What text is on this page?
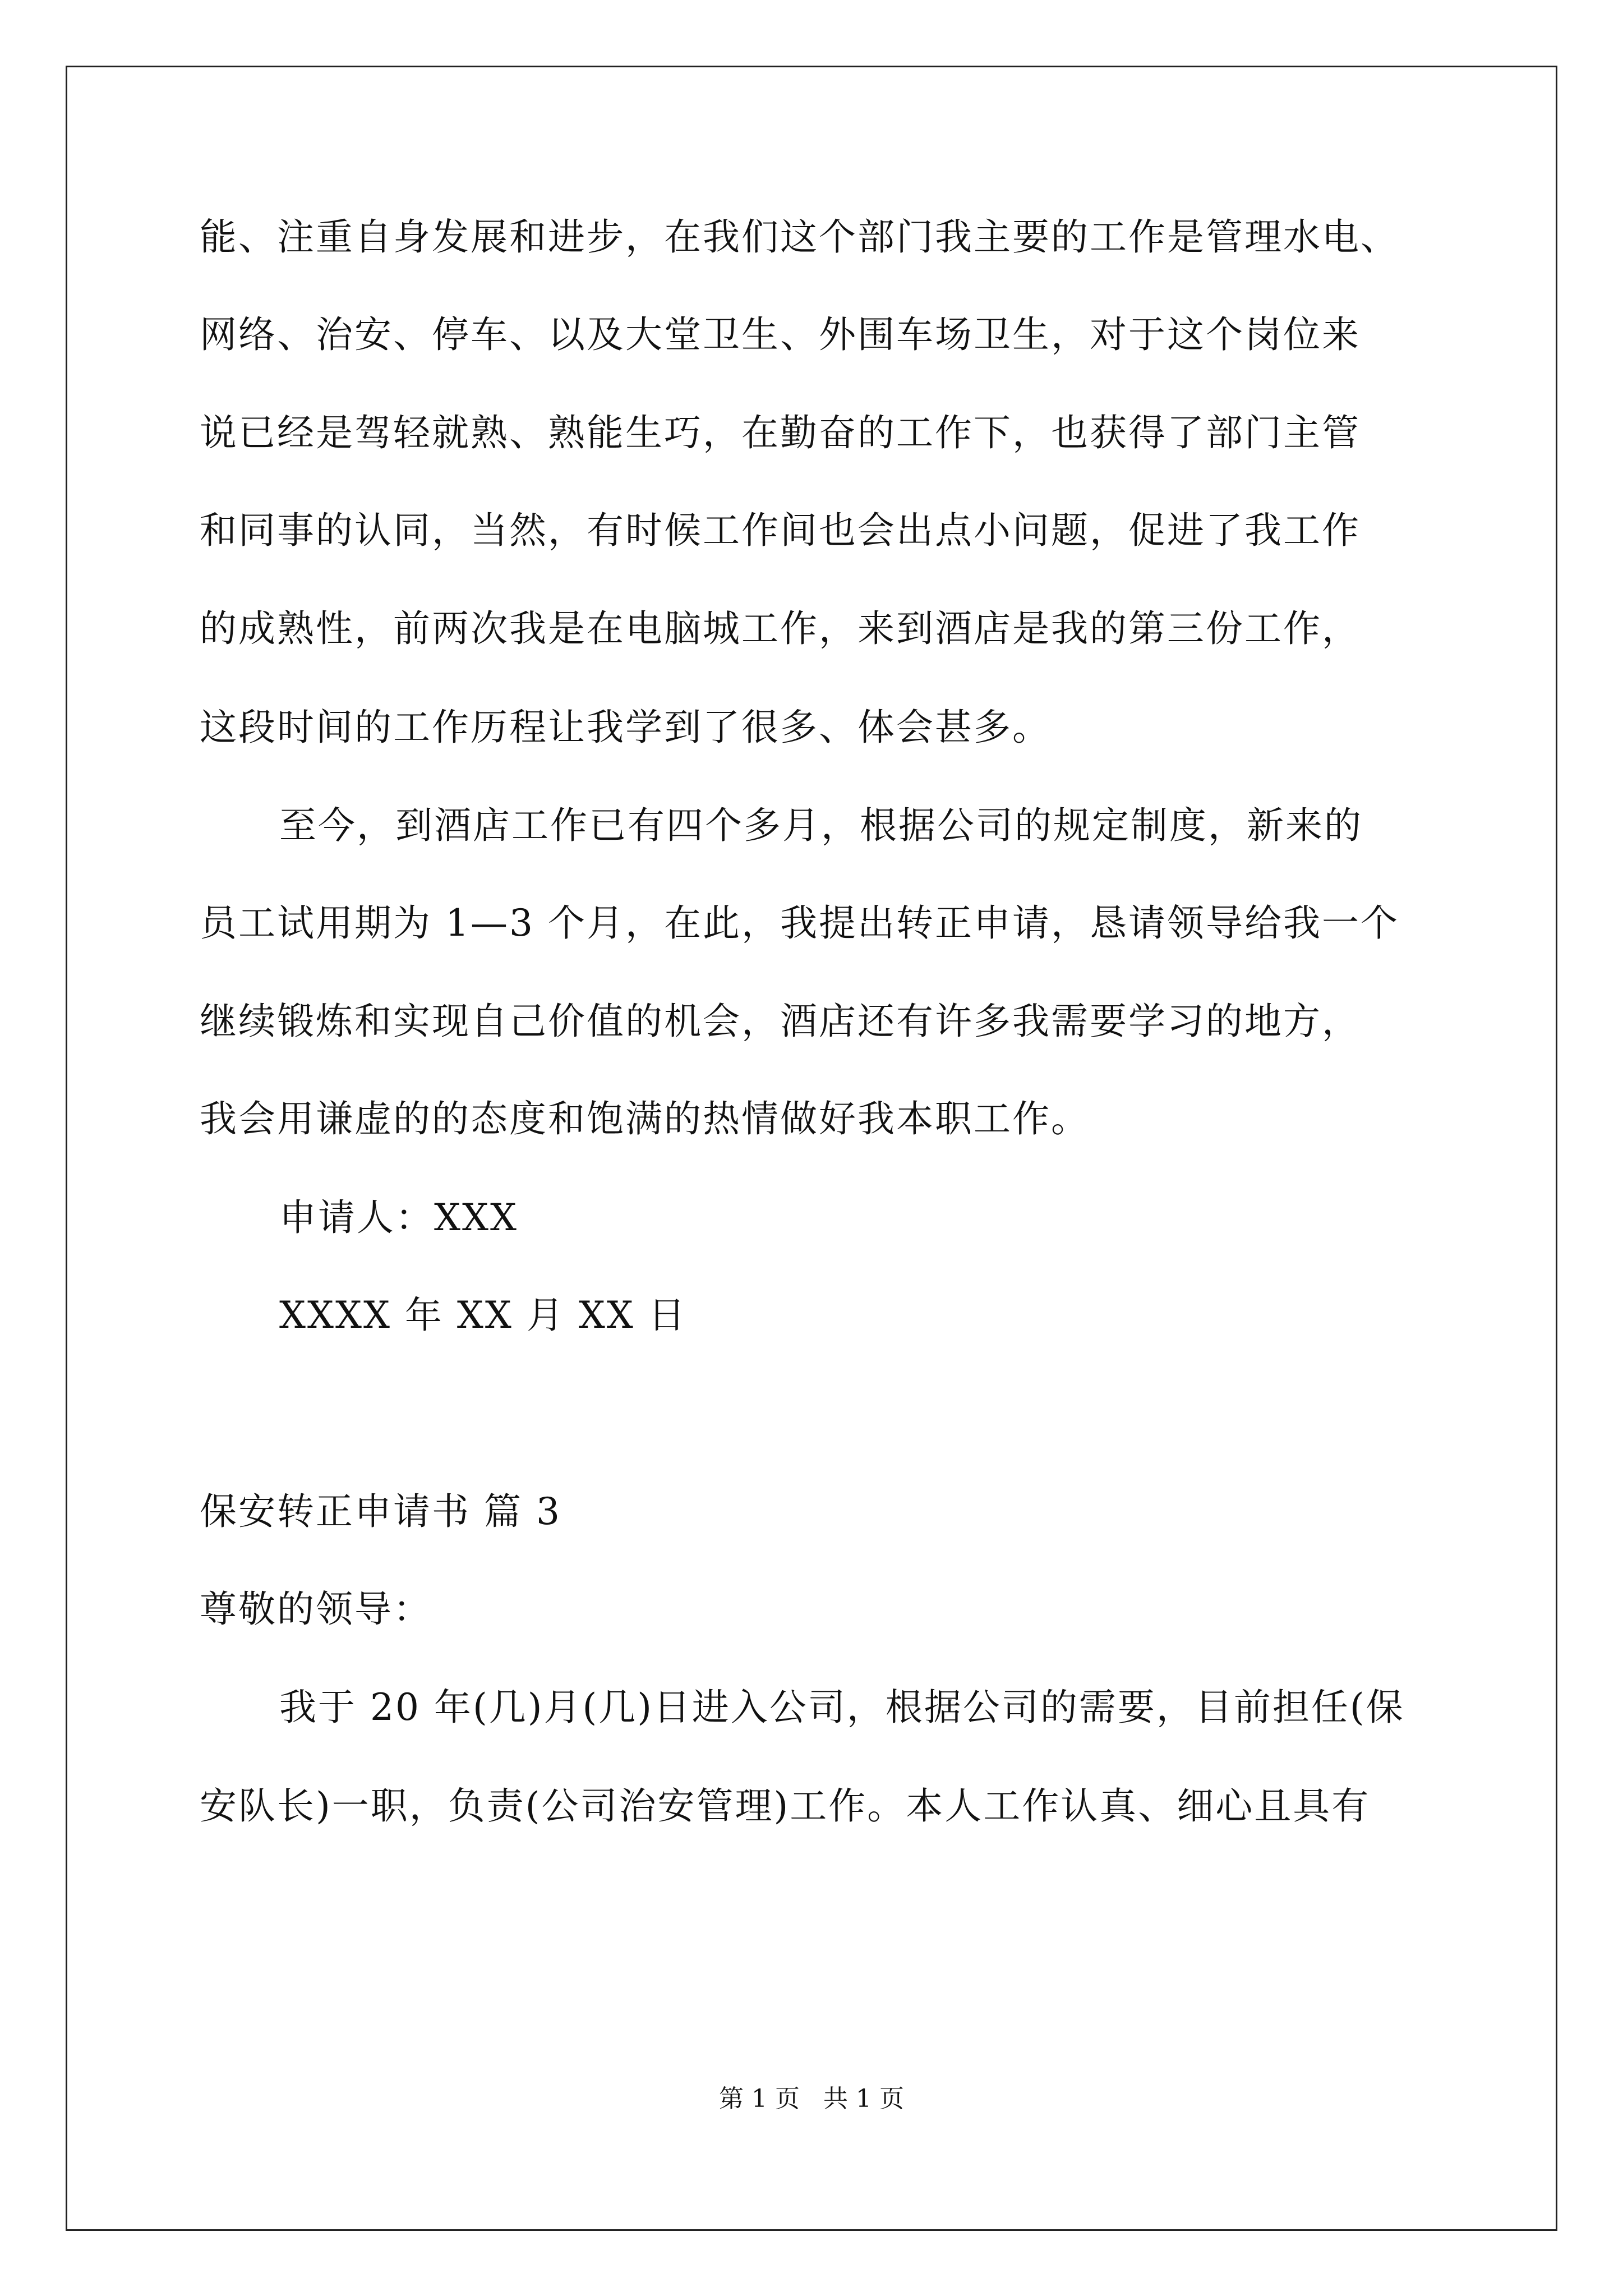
能、注重自身发展和进步，在我们这个部门我主要的工作是管理水电、
网络、治安、停车、以及大堂卫生、外围车场卫生，对于这个岗位来
说已经是驾轻就熟、熟能生巧，在勤奋的工作下，也获得了部门主管
和同事的认同，当然，有时候工作间也会出点小问题，促进了我工作
的成熟性，前两次我是在电脑城工作，来到酒店是我的第三份工作，
这段时间的工作历程让我学到了很多、体会甚多。
至今，到酒店工作已有四个多月，根据公司的规定制度，新来的
员工试用期为 1—3 个月，在此，我提出转正申请，恳请领导给我一个
继续锻炼和实现自己价值的机会，酒店还有许多我需要学习的地方，
我会用谦虚的的态度和饱满的热情做好我本职工作。
申请人：XXX
XXXX 年 XX 月 XX 日
保安转正申请书 篇 3
尊敬的领导：
我于 20 年(几)月(几)日进入公司，根据公司的需要，目前担任(保
安队长)一职，负责(公司治安管理)工作。本人工作认真、细心且具有
第 1 页   共 1 页
